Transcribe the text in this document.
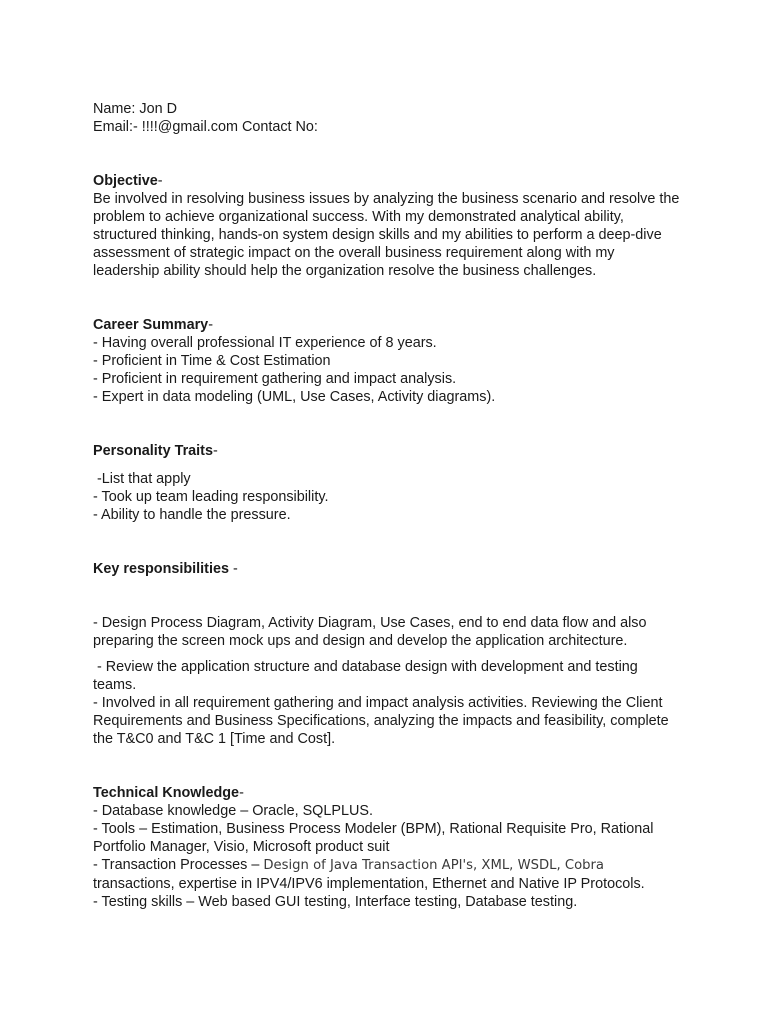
Name: Jon D
Email:- !!!!@gmail.com Contact No:
Objective-
Be involved in resolving business issues by analyzing the business scenario and resolve the problem to achieve organizational success. With my demonstrated analytical ability, structured thinking, hands-on system design skills and my abilities to perform a deep-dive assessment of strategic impact on the overall business requirement along with my leadership ability should help the organization resolve the business challenges.
Career Summary-
- Having overall professional IT experience of 8 years.
- Proficient in Time & Cost Estimation
- Proficient in requirement gathering and impact analysis.
- Expert in data modeling (UML, Use Cases, Activity diagrams).
Personality Traits-
-List that apply
- Took up team leading responsibility.
- Ability to handle the pressure.
Key responsibilities -
- Design Process Diagram, Activity Diagram, Use Cases, end to end data flow and also preparing the screen mock ups and design and develop the application architecture.
- Review the application structure and database design with development and testing teams.
- Involved in all requirement gathering and impact analysis activities. Reviewing the Client Requirements and Business Specifications, analyzing the impacts and feasibility, complete the T&C0 and T&C 1 [Time and Cost].
Technical Knowledge-
- Database knowledge – Oracle, SQLPLUS.
- Tools – Estimation, Business Process Modeler (BPM), Rational Requisite Pro, Rational Portfolio Manager, Visio, Microsoft product suit
- Transaction Processes – Design of Java Transaction API's, XML, WSDL, Cobra transactions, expertise in IPV4/IPV6 implementation, Ethernet and Native IP Protocols.
- Testing skills – Web based GUI testing, Interface testing, Database testing.
